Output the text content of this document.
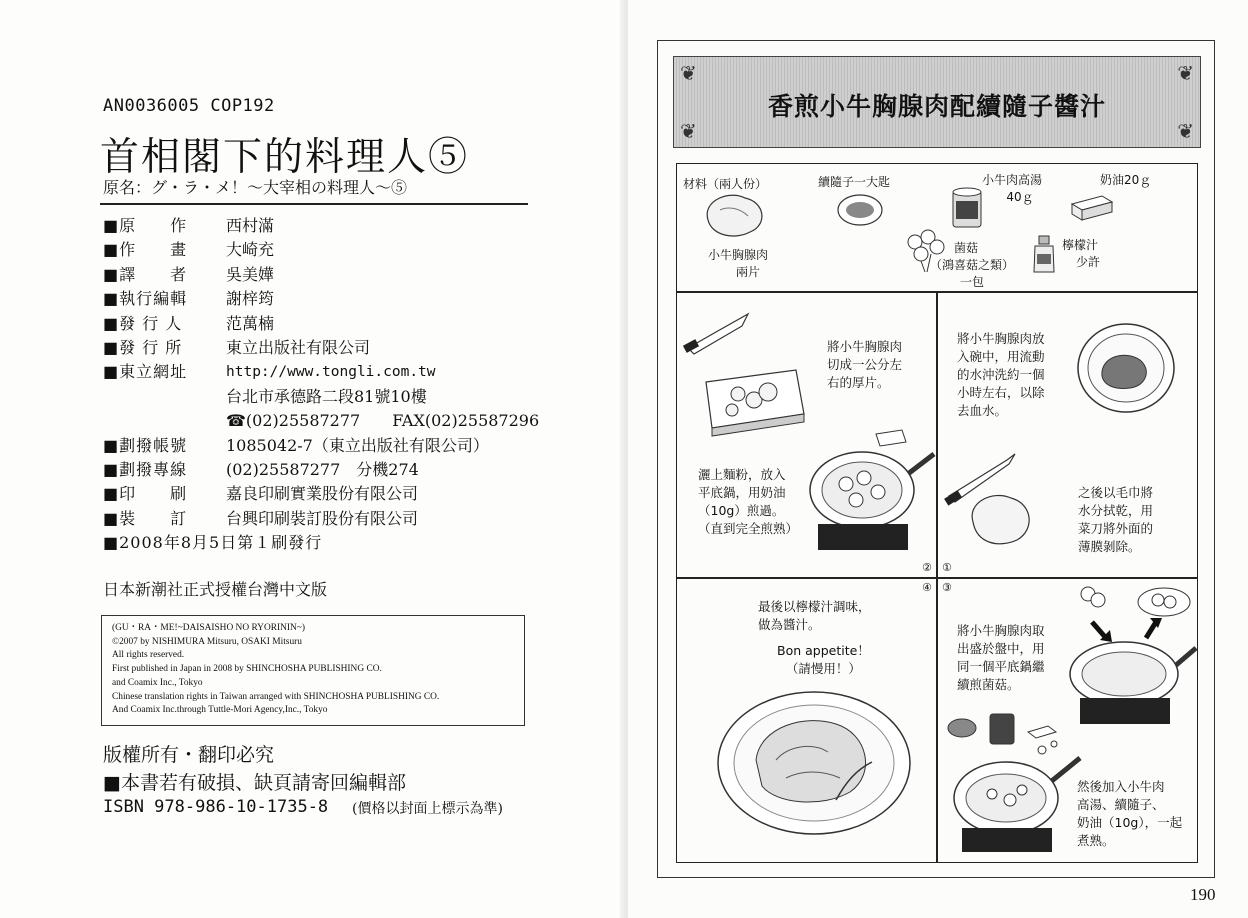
AN0036005 COP192
首相閣下的料理人⑤
原名：グ・ラ・メ！～大宰相の料理人～⑤
■原　　作	西村滿
■作　　畫	大崎充
■譯　　者	吳美嬅
■執行編輯	謝梓筠
■發 行 人	范萬楠
■發 行 所	東立出版社有限公司
■東立網址	http://www.tongli.com.tw
台北市承德路二段81號10樓
☎(02)25587277　　FAX(02)25587296
■劃撥帳號	1085042-7（東立出版社有限公司）
■劃撥專線	(02)25587277　分機274
■印　　刷	嘉良印刷實業股份有限公司
■裝　　訂	台興印刷裝訂股份有限公司
■2008年8月5日第１刷發行
日本新潮社正式授權台灣中文版
(GU・RA・ME!~DAISAISHO NO RYORININ~)
©2007 by NISHIMURA Mitsuru, OSAKI Mitsuru
All rights reserved.
First published in Japan in 2008 by SHINCHOSHA PUBLISHING CO.
and Coamix Inc., Tokyo
Chinese translation rights in Taiwan arranged with SHINCHOSHA PUBLISHING CO.
And Coamix Inc.through Tuttle-Mori Agency,Inc., Tokyo
版權所有・翻印必究
■本書若有破損、缺頁請寄回編輯部
ISBN 978-986-10-1735-8 (價格以封面上標示為準)
❦	❦
❦	❦
香煎小牛胸腺肉配續隨子醬汁
材料（兩人份）	續隨子一大匙	小牛肉高湯
40ｇ
奶油20ｇ
小牛胸腺肉
兩片
菌菇
（鴻喜菇之類）
一包
檸檬汁
少許
將小牛胸腺肉
切成一公分左
右的厚片。
將小牛胸腺肉放
入碗中，用流動
的水沖洗約一個
小時左右，以除
去血水。
灑上麵粉，放入
平底鍋，用奶油
（10g）煎過。
（直到完全煎熟）
之後以毛巾將
水分拭乾，用
菜刀將外面的
薄膜剝除。
② ①
④ ③
最後以檸檬汁調味，
做為醬汁。
Bon appetite！
（請慢用！）
將小牛胸腺肉取
出盛於盤中，用
同一個平底鍋繼
續煎菌菇。
然後加入小牛肉
高湯、續隨子、
奶油（10g），一起
煮熟。
190
